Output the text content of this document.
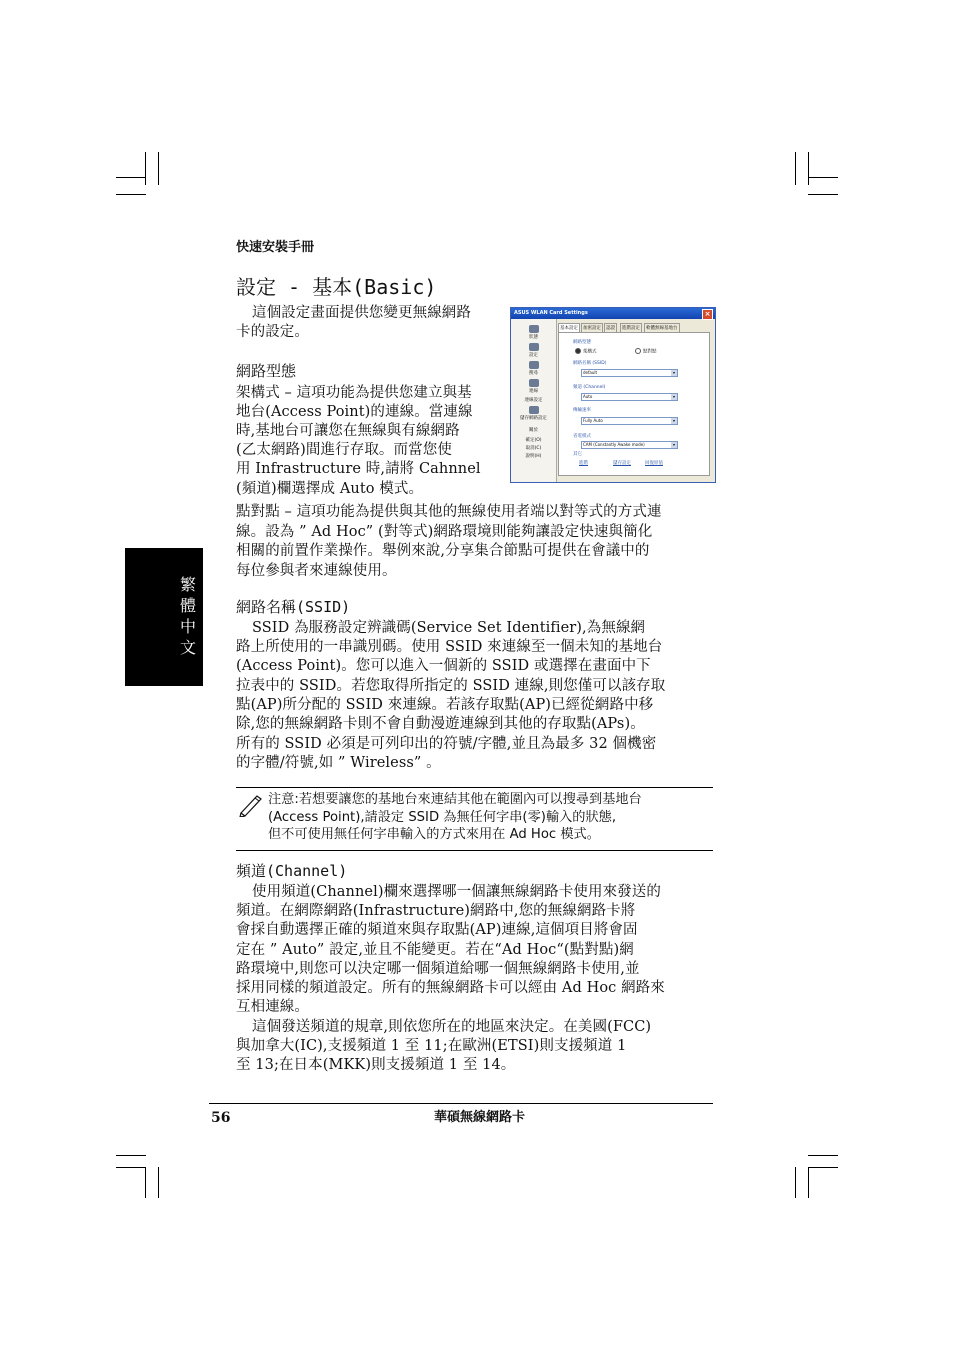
快速安裝手冊
繁體中文
設定 - 基本(Basic)
這個設定畫面提供您變更無線網路
卡的設定。
網路型態
架構式 – 這項功能為提供您建立與基
地台(Access Point)的連線。當連線
時,基地台可讓您在無線與有線網路
(乙太網路)間進行存取。而當您使
用 Infrastructure 時,請將 Cahnnel
(頻道)欄選擇成 Auto 模式。
ASUS WLAN Card Settings	×
狀態
設定
搜尋
連線
連線設定
儲存網路設定
關於
確定(O)
取消(C)
說明(H)
基本設定	加密設定	認證	進階設定	軟體無線基地台
網路型態
架構式	點對點
網路名稱 (SSID)
default	▾
頻道 (Channel)
Auto	▾
傳輸速率
Fully Auto	▾
省電模式
CAM (Constantly Awake mode)	▾
其它
進階	儲存設定	回復原值
點對點 – 這項功能為提供與其他的無線使用者端以對等式的方式連
線。設為 ” Ad Hoc” (對等式)網路環境則能夠讓設定快速與簡化
相關的前置作業操作。舉例來說,分享集合節點可提供在會議中的
每位參與者來連線使用。
網路名稱(SSID)
SSID 為服務設定辨識碼(Service Set Identifier),為無線網
路上所使用的一串識別碼。使用 SSID 來連線至一個未知的基地台
(Access Point)。您可以進入一個新的 SSID 或選擇在畫面中下
拉表中的 SSID。若您取得所指定的 SSID 連線,則您僅可以該存取
點(AP)所分配的 SSID 來連線。若該存取點(AP)已經從網路中移
除,您的無線網路卡則不會自動漫遊連線到其他的存取點(APs)。
所有的 SSID 必須是可列印出的符號/字體,並且為最多 32 個機密
的字體/符號,如 ” Wireless” 。
注意:若想要讓您的基地台來連結其他在範圍內可以搜尋到基地台
(Access Point),請設定 SSID 為無任何字串(零)輸入的狀態,
但不可使用無任何字串輸入的方式來用在 Ad Hoc 模式。
頻道(Channel)
使用頻道(Channel)欄來選擇哪一個讓無線網路卡使用來發送的
頻道。在網際網路(Infrastructure)網路中,您的無線網路卡將
會採自動選擇正確的頻道來與存取點(AP)連線,這個項目將會固
定在 ” Auto” 設定,並且不能變更。若在“Ad Hoc“(點對點)網
路環境中,則您可以決定哪一個頻道給哪一個無線網路卡使用,並
採用同樣的頻道設定。所有的無線網路卡可以經由 Ad Hoc 網路來
互相連線。
這個發送頻道的規章,則依您所在的地區來決定。在美國(FCC)
與加拿大(IC),支援頻道 1 至 11;在歐洲(ETSI)則支援頻道 1
至 13;在日本(MKK)則支援頻道 1 至 14。
56	華碩無線網路卡
